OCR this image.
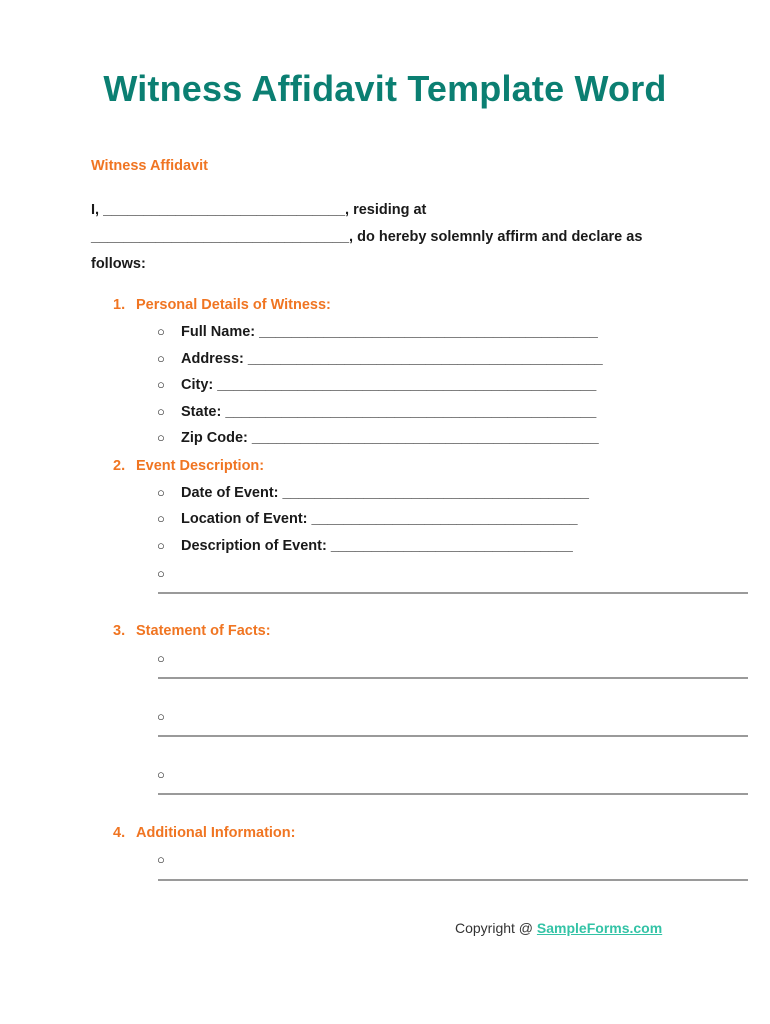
Witness Affidavit Template Word
Witness Affidavit
I, ______________________________, residing at
________________________________, do hereby solemnly affirm and declare as
follows:
1. Personal Details of Witness:
○ Full Name: __________________________________________
○ Address: ____________________________________________
○ City: _______________________________________________
○ State: ______________________________________________
○ Zip Code: ___________________________________________
2. Event Description:
○ Date of Event: ______________________________________
○ Location of Event: _________________________________
○ Description of Event: ______________________________
○
3. Statement of Facts:
○
○
○
4. Additional Information:
○
Copyright @ SampleForms.com
